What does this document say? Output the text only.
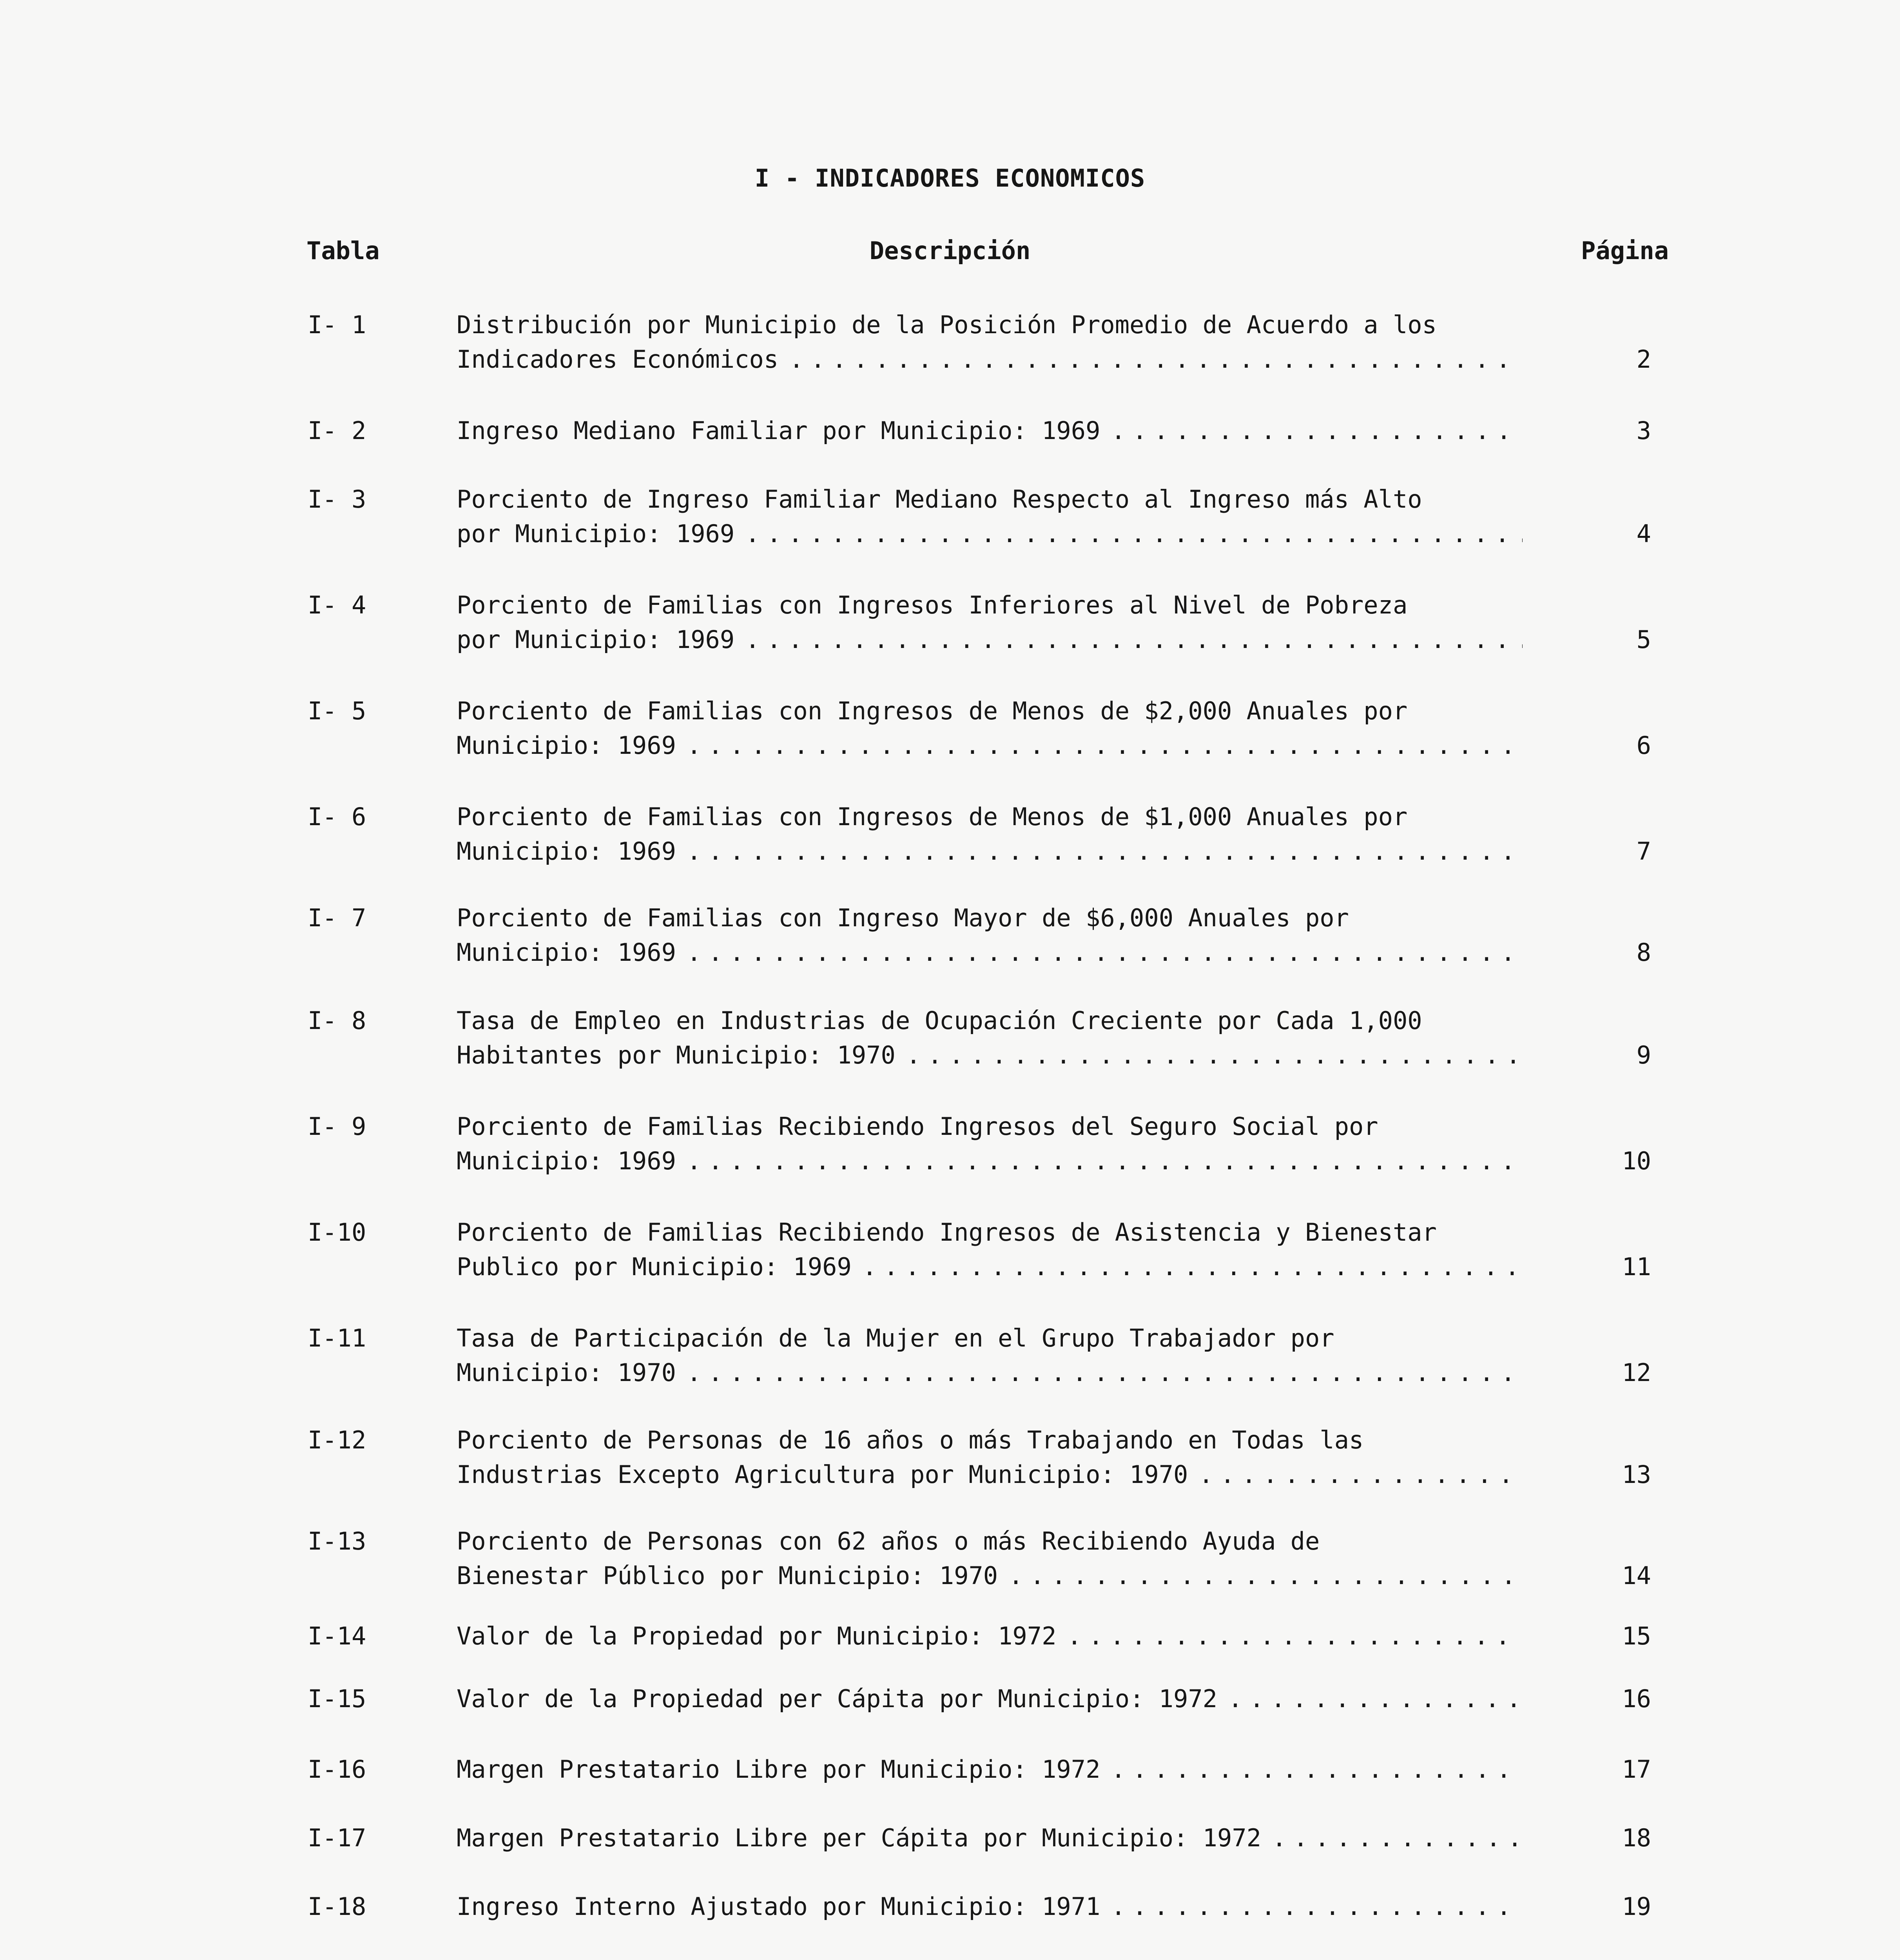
I - INDICADORES ECONOMICOS
Tabla	Descripción	Página
I- 1	Distribución por Municipio de la Posición Promedio de Acuerdo a los
Indicadores Económicos . . .	2
I- 2	Ingreso Mediano Familiar por Municipio: 1969 . . .	3
I- 3	Porciento de Ingreso Familiar Mediano Respecto al Ingreso más Alto
por Municipio: 1969 . . .	4
I- 4	Porciento de Familias con Ingresos Inferiores al Nivel de Pobreza
por Municipio: 1969 . . .	5
I- 5	Porciento de Familias con Ingresos de Menos de $2,000 Anuales por
Municipio: 1969 . . .	6
I- 6	Porciento de Familias con Ingresos de Menos de $1,000 Anuales por
Municipio: 1969 . . .	7
I- 7	Porciento de Familias con Ingreso Mayor de $6,000 Anuales por
Municipio: 1969 . . .	8
I- 8	Tasa de Empleo en Industrias de Ocupación Creciente por Cada 1,000
Habitantes por Municipio: 1970 . . .	9
I- 9	Porciento de Familias Recibiendo Ingresos del Seguro Social por
Municipio: 1969 . . .	10
I-10	Porciento de Familias Recibiendo Ingresos de Asistencia y Bienestar
Publico por Municipio: 1969 . . .	11
I-11	Tasa de Participación de la Mujer en el Grupo Trabajador por
Municipio: 1970 . . .	12
I-12	Porciento de Personas de 16 años o más Trabajando en Todas las
Industrias Excepto Agricultura por Municipio: 1970 . . .	13
I-13	Porciento de Personas con 62 años o más Recibiendo Ayuda de
Bienestar Público por Municipio: 1970 . . .	14
I-14	Valor de la Propiedad por Municipio: 1972 . . .	15
I-15	Valor de la Propiedad per Cápita por Municipio: 1972 . . .	16
I-16	Margen Prestatario Libre por Municipio: 1972 . . .	17
I-17	Margen Prestatario Libre per Cápita por Municipio: 1972 . . .	18
I-18	Ingreso Interno Ajustado por Municipio: 1971 . . .	19
. . .
